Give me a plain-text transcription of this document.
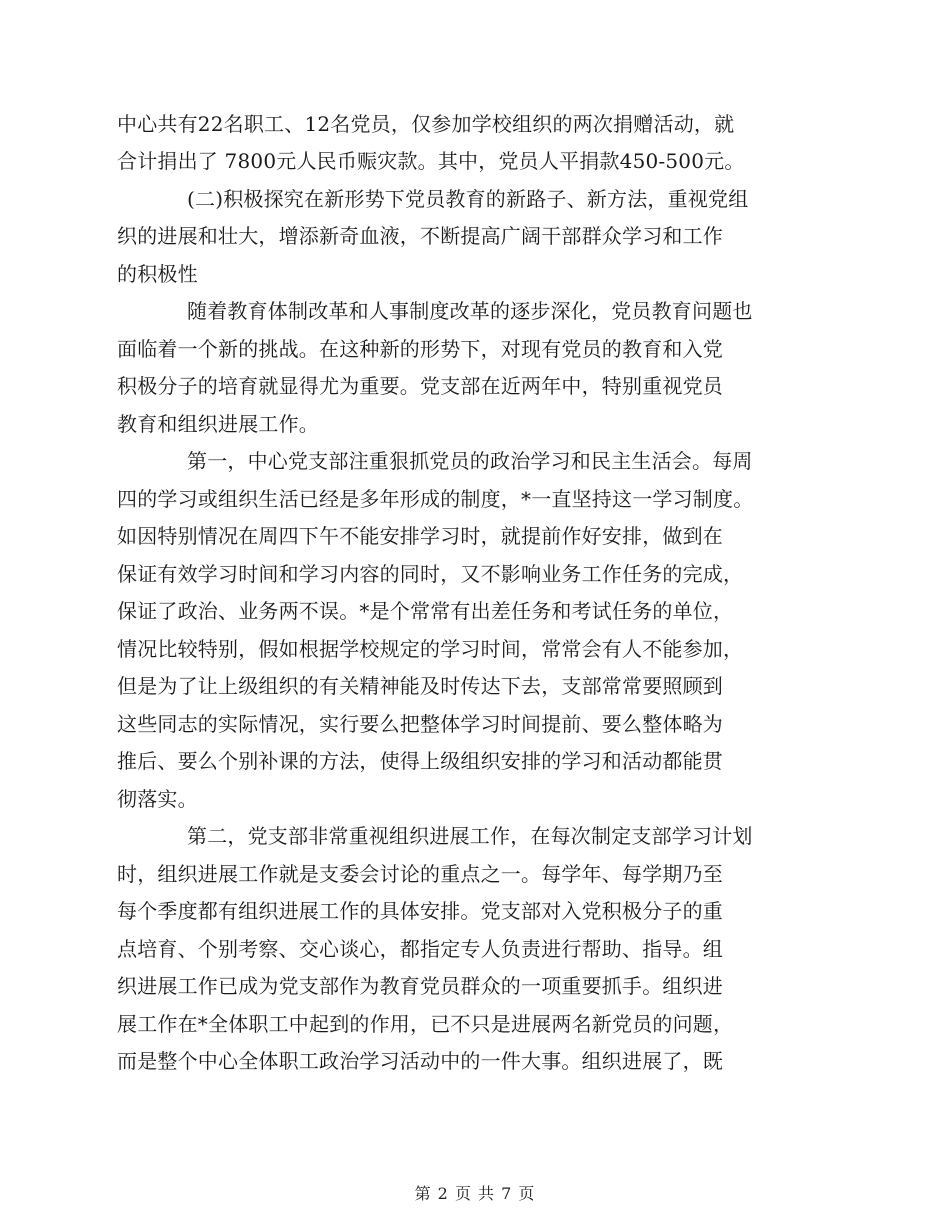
中心共有22名职工、12名党员，仅参加学校组织的两次捐赠活动，就
合计捐出了 7800元人民币赈灾款。其中，党员人平捐款450-500元。
(二)积极探究在新形势下党员教育的新路子、新方法，重视党组
织的进展和壮大，增添新奇血液，不断提高广阔干部群众学习和工作
的积极性
随着教育体制改革和人事制度改革的逐步深化，党员教育问题也
面临着一个新的挑战。在这种新的形势下，对现有党员的教育和入党
积极分子的培育就显得尤为重要。党支部在近两年中，特别重视党员
教育和组织进展工作。
第一，中心党支部注重狠抓党员的政治学习和民主生活会。每周
四的学习或组织生活已经是多年形成的制度，*一直坚持这一学习制度。
如因特别情况在周四下午不能安排学习时，就提前作好安排，做到在
保证有效学习时间和学习内容的同时，又不影响业务工作任务的完成，
保证了政治、业务两不误。*是个常常有出差任务和考试任务的单位，
情况比较特别，假如根据学校规定的学习时间，常常会有人不能参加，
但是为了让上级组织的有关精神能及时传达下去，支部常常要照顾到
这些同志的实际情况，实行要么把整体学习时间提前、要么整体略为
推后、要么个别补课的方法，使得上级组织安排的学习和活动都能贯
彻落实。
第二，党支部非常重视组织进展工作，在每次制定支部学习计划
时，组织进展工作就是支委会讨论的重点之一。每学年、每学期乃至
每个季度都有组织进展工作的具体安排。党支部对入党积极分子的重
点培育、个别考察、交心谈心，都指定专人负责进行帮助、指导。组
织进展工作已成为党支部作为教育党员群众的一项重要抓手。组织进
展工作在*全体职工中起到的作用，已不只是进展两名新党员的问题，
而是整个中心全体职工政治学习活动中的一件大事。组织进展了，既
第 2 页 共 7 页
